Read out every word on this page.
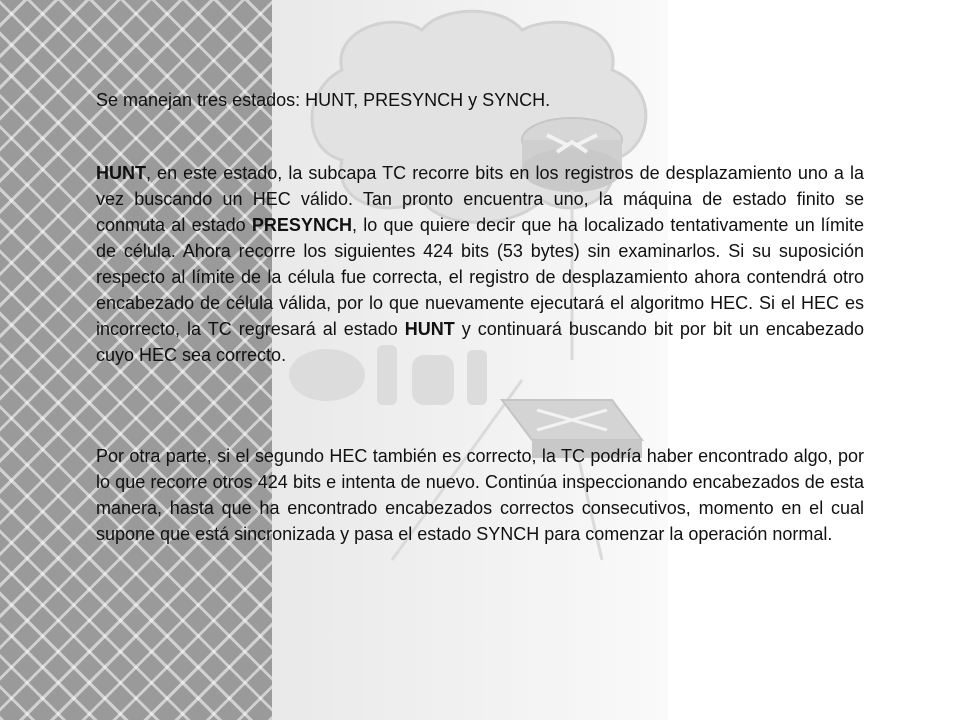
Se manejan tres estados: HUNT, PRESYNCH y SYNCH.

HUNT, en este estado, la subcapa TC recorre bits en los registros de desplazamiento uno a la vez buscando un HEC válido. Tan pronto encuentra uno, la máquina de estado finito se conmuta al estado PRESYNCH, lo que quiere decir que ha localizado tentativamente un límite de célula. Ahora recorre los siguientes 424 bits (53 bytes) sin examinarlos. Si su suposición respecto al límite de la célula fue correcta, el registro de desplazamiento ahora contendrá otro encabezado de célula válida, por lo que nuevamente ejecutará el algoritmo HEC. Si el HEC es incorrecto, la TC regresará al estado HUNT y continuará buscando bit por bit un encabezado cuyo HEC sea correcto.

Por otra parte, si el segundo HEC también es correcto, la TC podría haber encontrado algo, por lo que recorre otros 424 bits e intenta de nuevo. Continúa inspeccionando encabezados de esta manera, hasta que ha encontrado encabezados correctos consecutivos, momento en el cual supone que está sincronizada y pasa el estado SYNCH para comenzar la operación normal.
